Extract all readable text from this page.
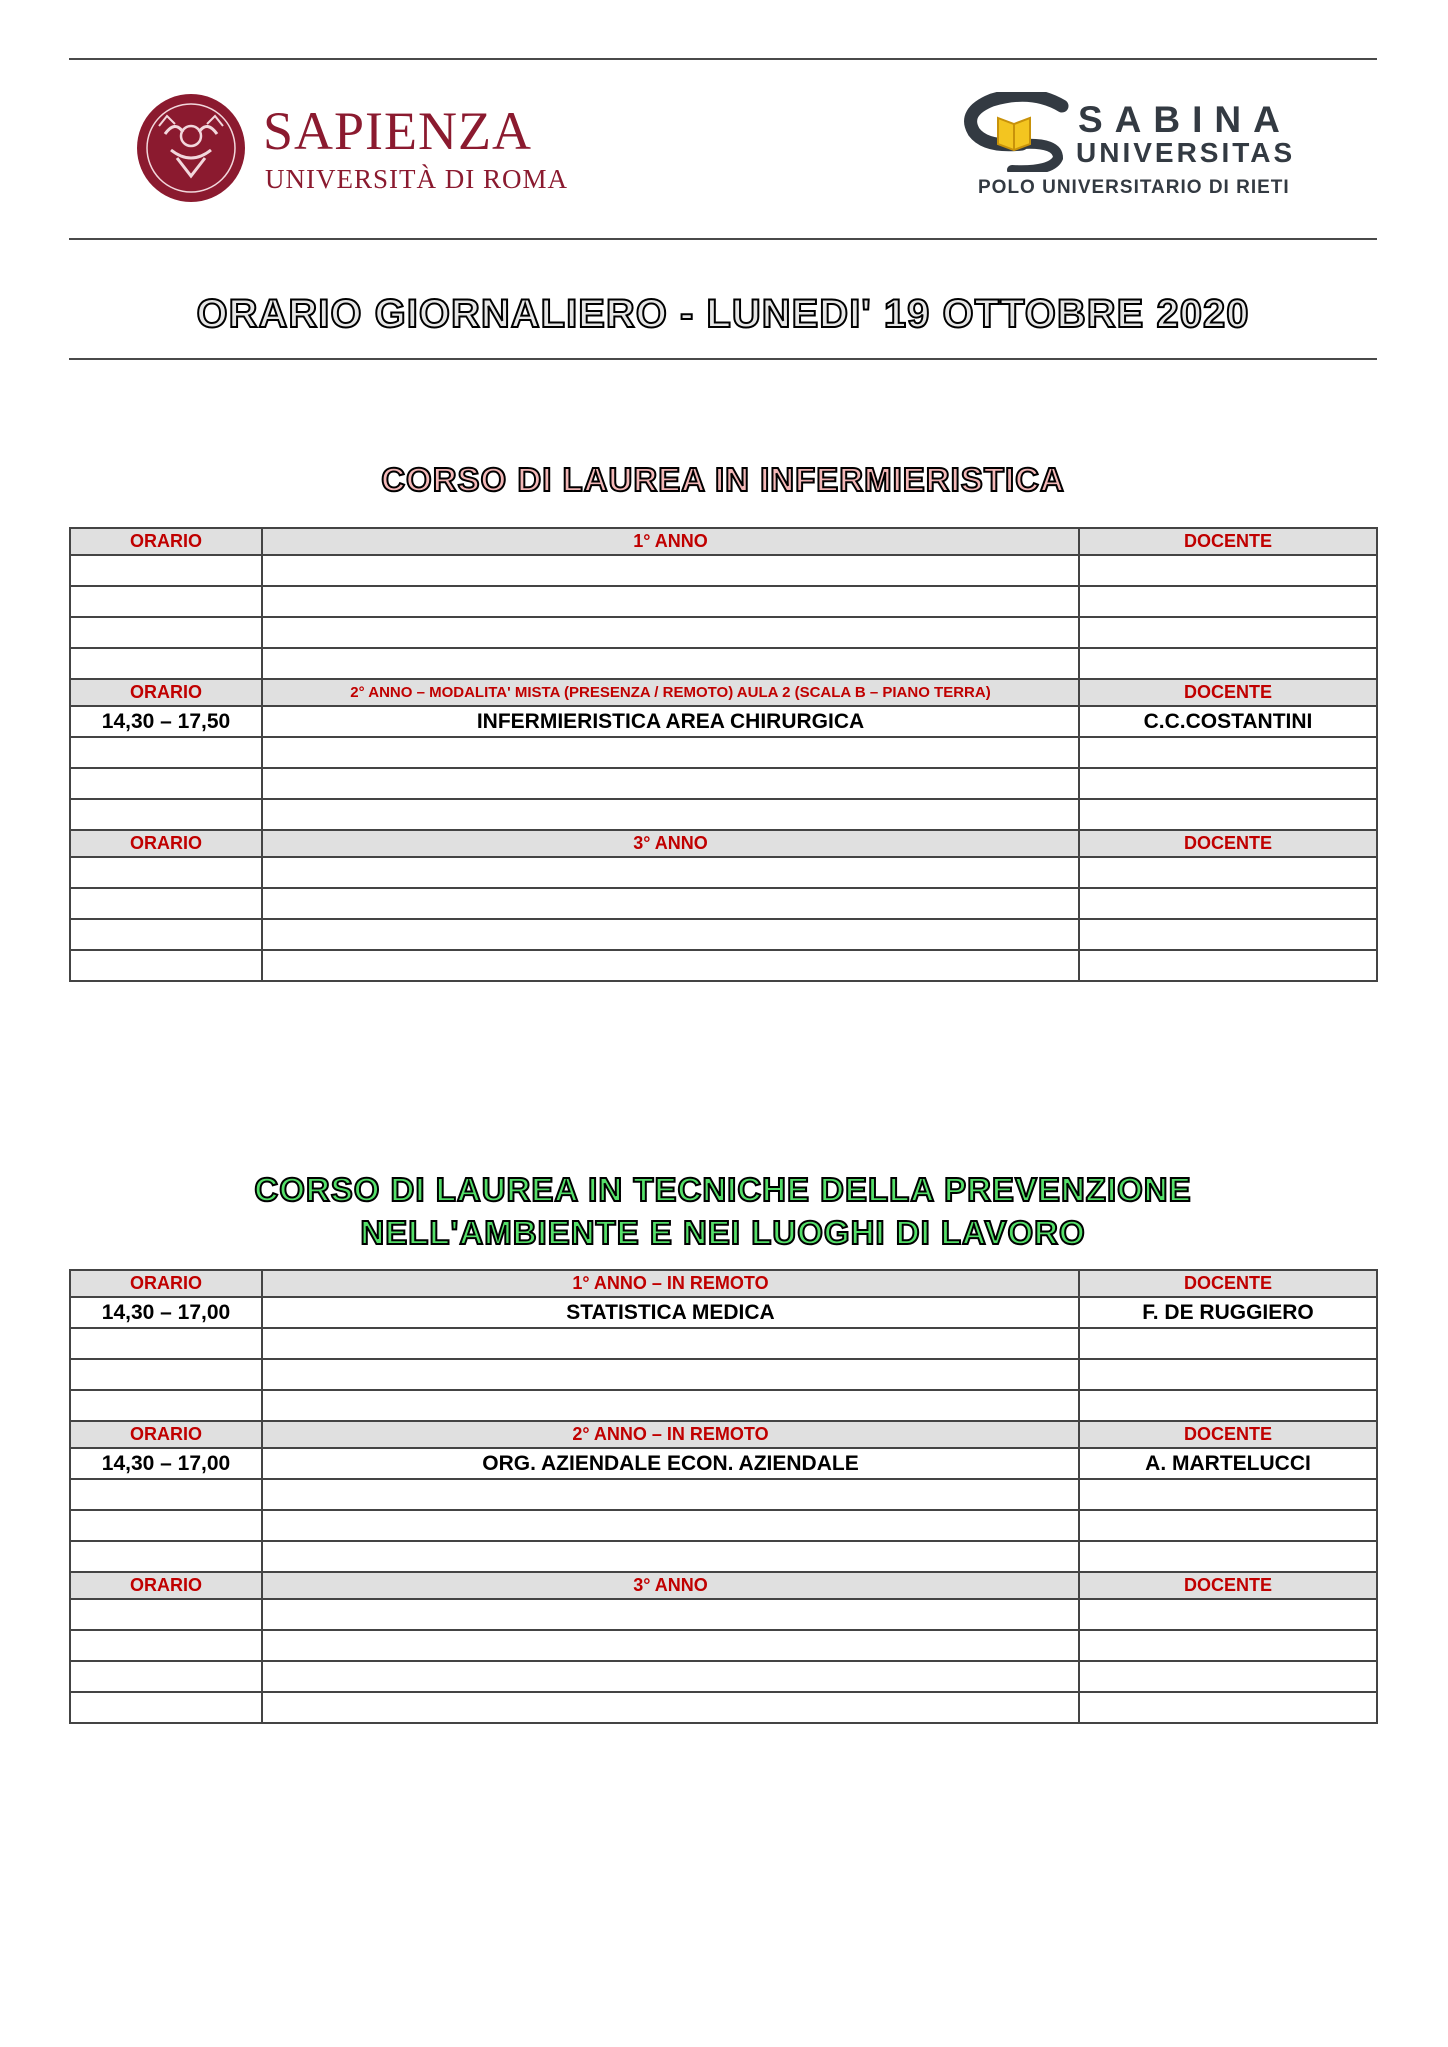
SAPIENZA
UNIVERSITÀ DI ROMA
SABINA
UNIVERSITAS
POLO UNIVERSITARIO DI RIETI
ORARIO GIORNALIERO - LUNEDI' 19 OTTOBRE 2020
CORSO DI LAUREA IN INFERMIERISTICA
ORARIO	1° ANNO	DOCENTE

ORARIO	2° ANNO – MODALITA' MISTA (PRESENZA / REMOTO) AULA 2 (SCALA B – PIANO TERRA)	DOCENTE
14,30 – 17,50	INFERMIERISTICA AREA CHIRURGICA	C.C.COSTANTINI

ORARIO	3° ANNO	DOCENTE

CORSO DI LAUREA IN TECNICHE DELLA PREVENZIONE
NELL'AMBIENTE E NEI LUOGHI DI LAVORO
ORARIO	1° ANNO – IN REMOTO	DOCENTE
14,30 – 17,00	STATISTICA MEDICA	F. DE RUGGIERO

ORARIO	2° ANNO – IN REMOTO	DOCENTE
14,30 – 17,00	ORG. AZIENDALE ECON. AZIENDALE	A. MARTELUCCI

ORARIO	3° ANNO	DOCENTE
